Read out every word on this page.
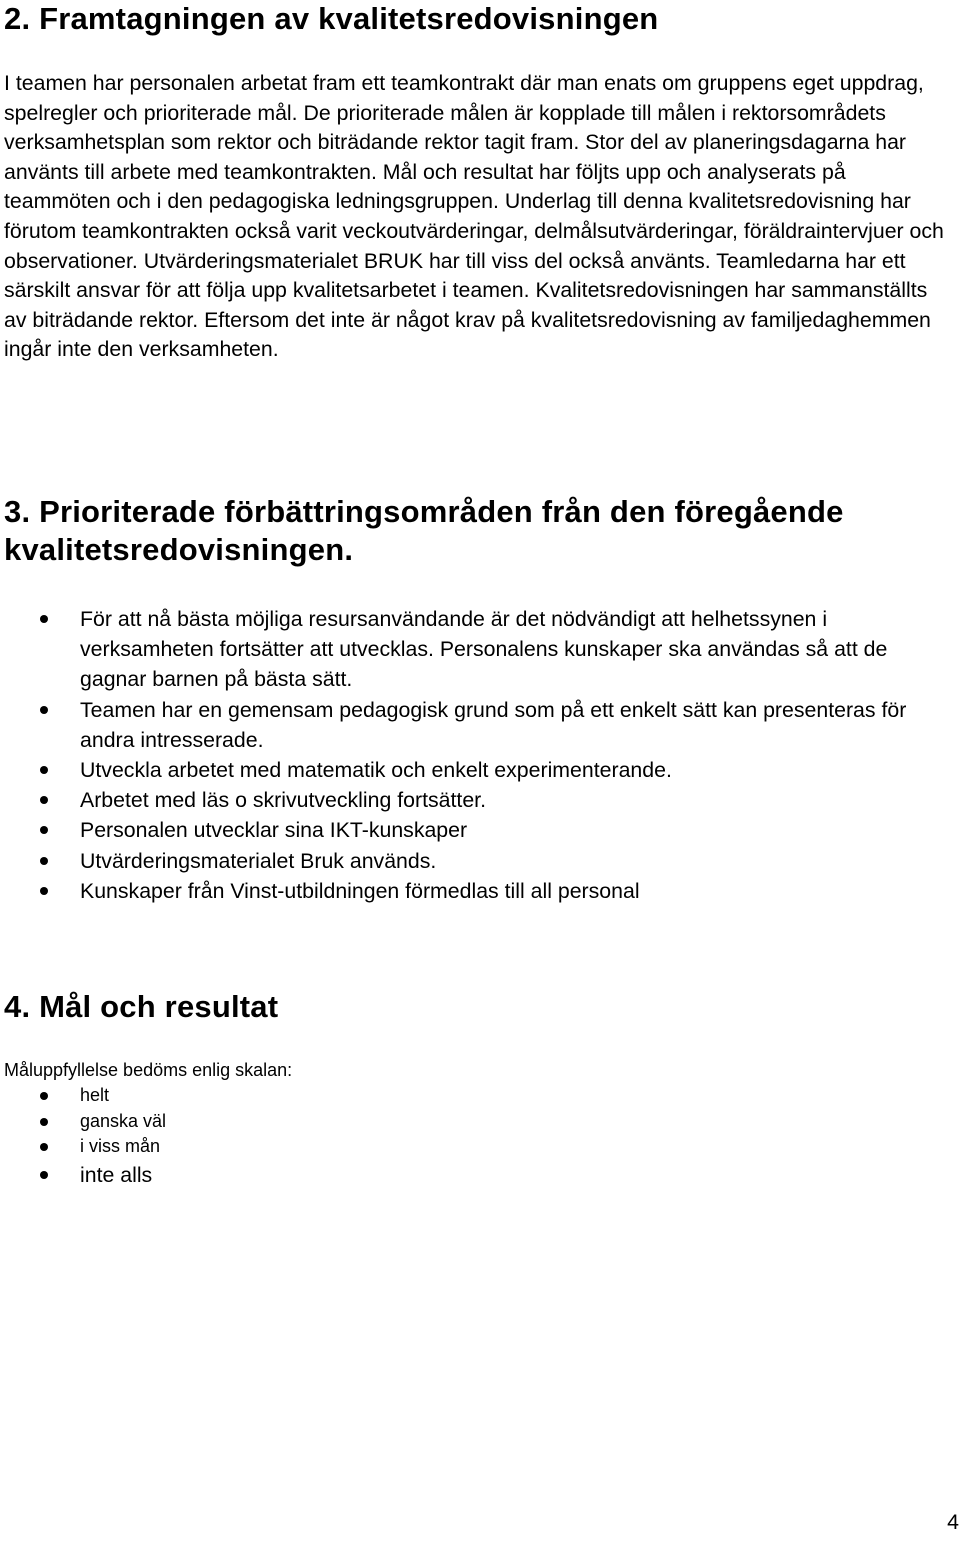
2. Framtagningen av kvalitetsredovisningen

I teamen har personalen arbetat fram ett teamkontrakt där man enats om gruppens eget uppdrag, spelregler och prioriterade mål. De prioriterade målen är kopplade till målen i rektorsområdets verksamhetsplan som rektor och biträdande rektor tagit fram. Stor del av planeringsdagarna har använts till arbete med teamkontrakten. Mål och resultat har följts upp och analyserats på teammöten och i den pedagogiska ledningsgruppen. Underlag till denna kvalitetsredovisning har förutom teamkontrakten också varit veckoutvärderingar, delmålsutvärderingar, föräldraintervjuer och observationer. Utvärderingsmaterialet BRUK har till viss del också använts. Teamledarna har ett särskilt ansvar för att följa upp kvalitetsarbetet i teamen. Kvalitetsredovisningen har sammanställts av biträdande rektor. Eftersom det inte är något krav på kvalitetsredovisning av familjedaghemmen ingår inte den verksamheten.

3. Prioriterade förbättringsområden från den föregående kvalitetsredovisningen.
För att nå bästa möjliga resursanvändande är det nödvändigt att helhetssynen i verksamheten fortsätter att utvecklas. Personalens kunskaper ska användas så att de gagnar barnen på bästa sätt.
Teamen har en gemensam pedagogisk grund som på ett enkelt sätt kan presenteras för andra intresserade.
Utveckla arbetet med matematik och enkelt experimenterande.
Arbetet med läs o skrivutveckling fortsätter.
Personalen utvecklar sina IKT-kunskaper
Utvärderingsmaterialet Bruk används.
Kunskaper från Vinst-utbildningen förmedlas till all personal
4. Mål och resultat

Måluppfyllelse bedöms enlig skalan:

helt
ganska väl
i viss mån
inte alls
4
